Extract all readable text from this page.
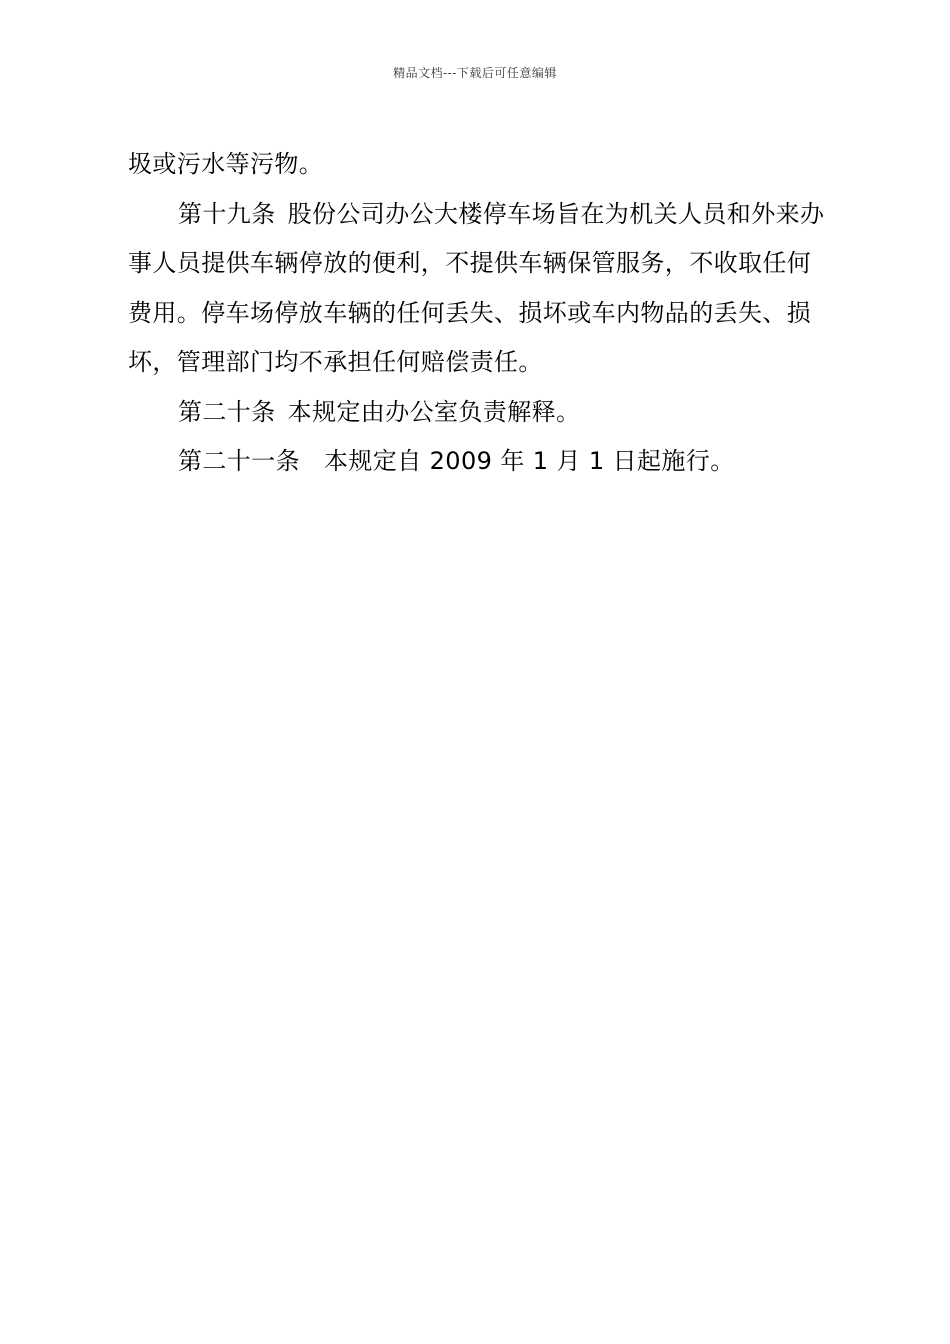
精品文档---下载后可任意编辑

圾或污水等污物。

第十九条 股份公司办公大楼停车场旨在为机关人员和外来办事人员提供车辆停放的便利，不提供车辆保管服务，不收取任何费用。停车场停放车辆的任何丢失、损坏或车内物品的丢失、损坏，管理部门均不承担任何赔偿责任。

第二十条 本规定由办公室负责解释。

第二十一条 本规定自 2009 年 1 月 1 日起施行。
